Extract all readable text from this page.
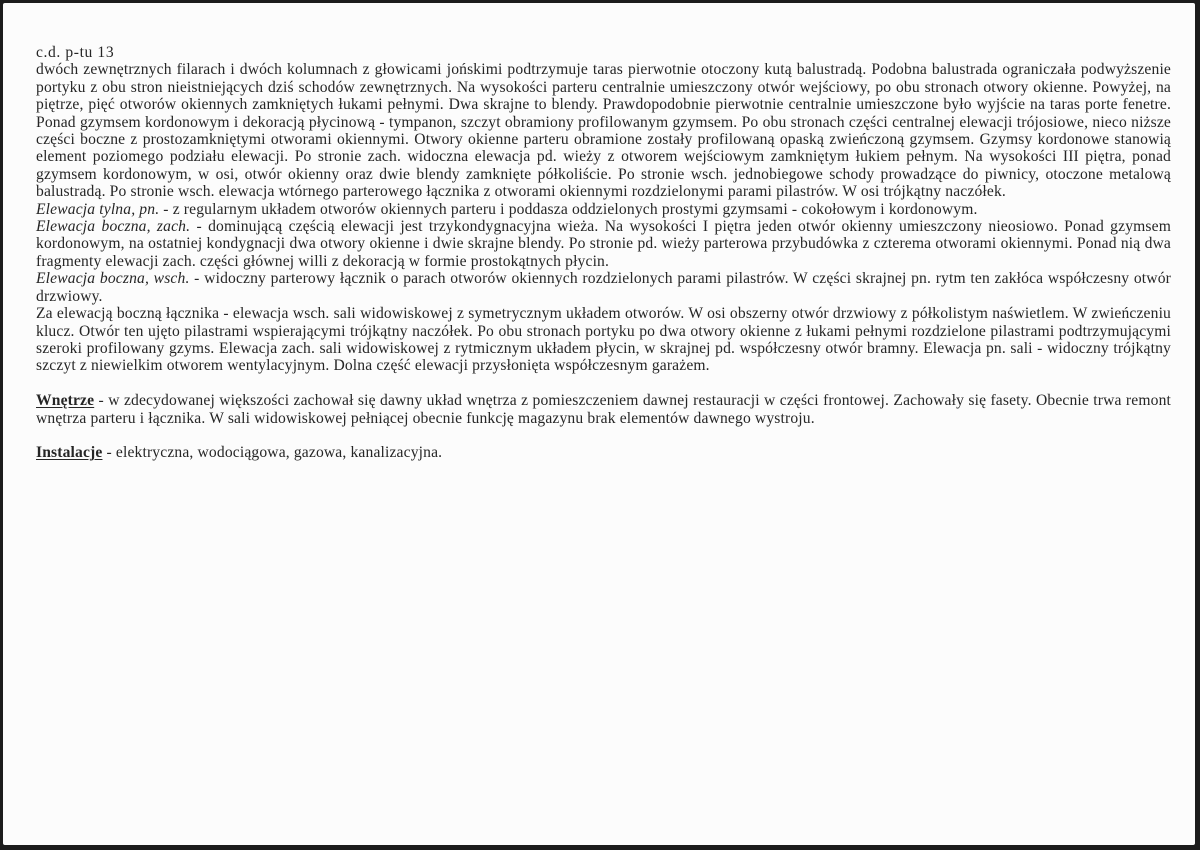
c.d. p-tu 13

dwóch zewnętrznych filarach i dwóch kolumnach z głowicami jońskimi podtrzymuje taras pierwotnie otoczony kutą balustradą. Podobna balustrada ograniczała podwyższenie portyku z obu stron nieistniejących dziś schodów zewnętrznych. Na wysokości parteru centralnie umieszczony otwór wejściowy, po obu stronach otwory okienne. Powyżej, na piętrze, pięć otworów okiennych zamkniętych łukami pełnymi. Dwa skrajne to blendy. Prawdopodobnie pierwotnie centralnie umieszczone było wyjście na taras porte fenetre. Ponad gzymsem kordonowym i dekoracją płycinową - tympanon, szczyt obramiony profilowanym gzymsem. Po obu stronach części centralnej elewacji trójosiowe, nieco niższe części boczne z prostozamkniętymi otworami okiennymi. Otwory okienne parteru obramione zostały profilowaną opaską zwieńczoną gzymsem. Gzymsy kordonowe stanowią element poziomego podziału elewacji. Po stronie zach. widoczna elewacja pd. wieży z otworem wejściowym zamkniętym łukiem pełnym. Na wysokości III piętra, ponad gzymsem kordonowym, w osi, otwór okienny oraz dwie blendy zamknięte półkoliście. Po stronie wsch. jednobiegowe schody prowadzące do piwnicy, otoczone metalową balustradą. Po stronie wsch. elewacja wtórnego parterowego łącznika z otworami okiennymi rozdzielonymi parami pilastrów. W osi trójkątny naczółek.

Elewacja tylna, pn. - z regularnym układem otworów okiennych parteru i poddasza oddzielonych prostymi gzymsami - cokołowym i kordonowym.

Elewacja boczna, zach. - dominującą częścią elewacji jest trzykondygnacyjna wieża. Na wysokości I piętra jeden otwór okienny umieszczony nieosiowo. Ponad gzymsem kordonowym, na ostatniej kondygnacji dwa otwory okienne i dwie skrajne blendy. Po stronie pd. wieży parterowa przybudówka z czterema otworami okiennymi. Ponad nią dwa fragmenty elewacji zach. części głównej willi z dekoracją w formie prostokątnych płycin.

Elewacja boczna, wsch. - widoczny parterowy łącznik o parach otworów okiennych rozdzielonych parami pilastrów. W części skrajnej pn. rytm ten zakłóca współczesny otwór drzwiowy.

Za elewacją boczną łącznika - elewacja wsch. sali widowiskowej z symetrycznym układem otworów. W osi obszerny otwór drzwiowy z półkolistym naświetlem. W zwieńczeniu klucz. Otwór ten ujęto pilastrami wspierającymi trójkątny naczółek. Po obu stronach portyku po dwa otwory okienne z łukami pełnymi rozdzielone pilastrami podtrzymującymi szeroki profilowany gzyms. Elewacja zach. sali widowiskowej z rytmicznym układem płycin, w skrajnej pd. współczesny otwór bramny. Elewacja pn. sali - widoczny trójkątny szczyt z niewielkim otworem wentylacyjnym. Dolna część elewacji przysłonięta współczesnym garażem.

Wnętrze - w zdecydowanej większości zachował się dawny układ wnętrza z pomieszczeniem dawnej restauracji w części frontowej. Zachowały się fasety. Obecnie trwa remont wnętrza parteru i łącznika. W sali widowiskowej pełniącej obecnie funkcję magazynu brak elementów dawnego wystroju.

Instalacje - elektryczna, wodociągowa, gazowa, kanalizacyjna.
